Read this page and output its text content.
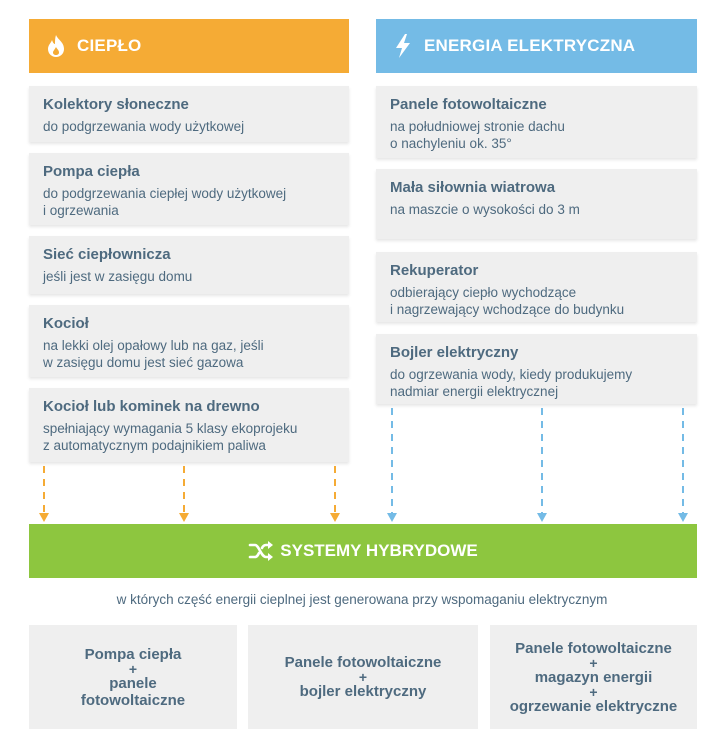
CIEPŁO	ENERGIA ELEKTRYCZNA
Kolektory słoneczne
do podgrzewania wody użytkowej
Pompa ciepła
do podgrzewania ciepłej wody użytkowej
i ogrzewania
Sieć ciepłownicza
jeśli jest w zasięgu domu
Kocioł
na lekki olej opałowy lub na gaz, jeśli
w zasięgu domu jest sieć gazowa
Kocioł lub kominek na drewno
spełniający wymagania 5 klasy ekoprojeku
z automatycznym podajnikiem paliwa
Panele fotowoltaiczne
na południowej stronie dachu
o nachyleniu ok. 35°
Mała siłownia wiatrowa
na maszcie o wysokości do 3 m
Rekuperator
odbierający ciepło wychodzące
i nagrzewający wchodzące do budynku
Bojler elektryczny
do ogrzewania wody, kiedy produkujemy
nadmiar energii elektrycznej
SYSTEMY HYBRYDOWE
w których część energii cieplnej jest generowana przy wspomaganiu elektrycznym
Pompa ciepła
+
panele
fotowoltaiczne
Panele fotowoltaiczne
+
bojler elektryczny
Panele fotowoltaiczne
+
magazyn energii
+
ogrzewanie elektryczne
